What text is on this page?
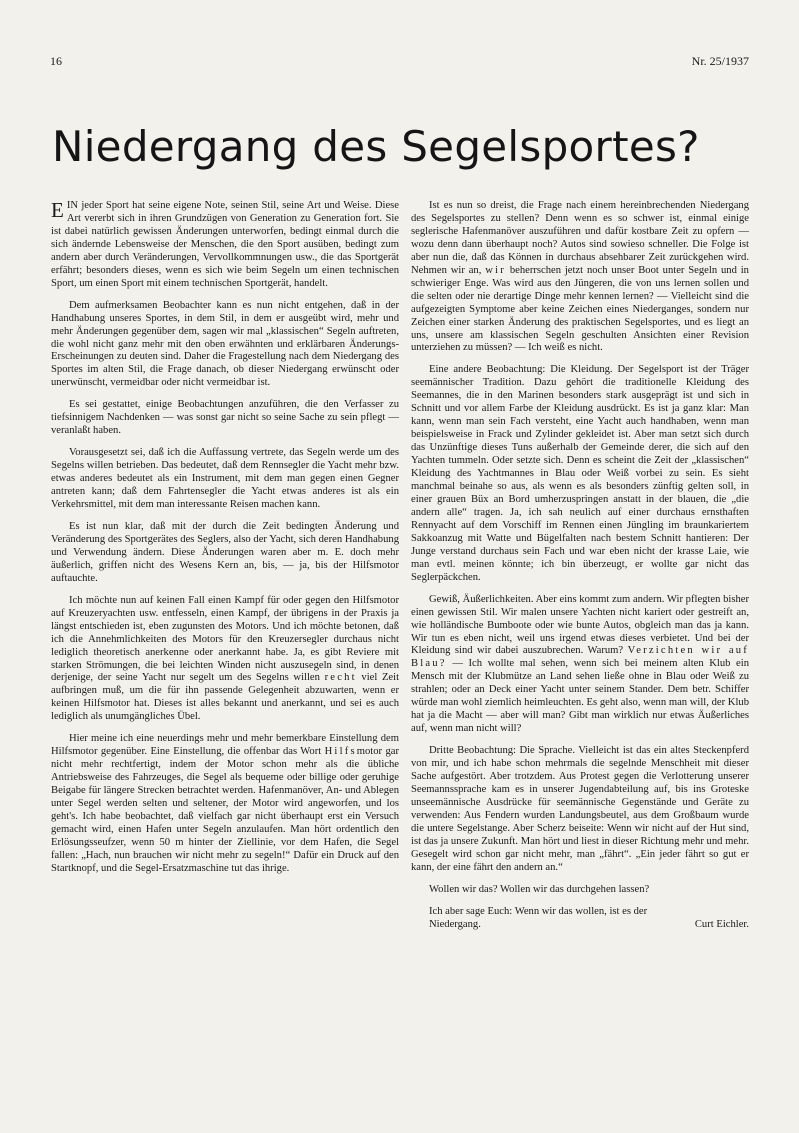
16	Nr. 25/1937
Niedergang des Segelsportes?

EIN jeder Sport hat seine eigene Note, seinen Stil, seine Art und Weise. Diese Art vererbt sich in ihren Grundzügen von Generation zu Generation fort. Sie ist dabei natürlich gewissen Änderungen unterworfen, bedingt einmal durch die sich ändernde Lebensweise der Menschen, die den Sport ausüben, bedingt zum andern aber durch Veränderungen, Vervollkommnungen usw., die das Sportgerät erfährt; besonders dieses, wenn es sich wie beim Segeln um einen technischen Sport, um einen Sport mit einem technischen Sportgerät, handelt.

Dem aufmerksamen Beobachter kann es nun nicht entgehen, daß in der Handhabung unseres Sportes, in dem Stil, in dem er ausgeübt wird, mehr und mehr Änderungen gegenüber dem, sagen wir mal „klassischen“ Segeln auftreten, die wohl nicht ganz mehr mit den oben erwähnten und erklärbaren Änderungs-Erscheinungen zu deuten sind. Daher die Fragestellung nach dem Niedergang des Sportes im alten Stil, die Frage danach, ob dieser Niedergang erwünscht oder unerwünscht, vermeidbar oder nicht vermeidbar ist.

Es sei gestattet, einige Beobachtungen anzuführen, die den Verfasser zu tiefsinnigem Nachdenken — was sonst gar nicht so seine Sache zu sein pflegt — veranlaßt haben.

Vorausgesetzt sei, daß ich die Auffassung vertrete, das Segeln werde um des Segelns willen betrieben. Das bedeutet, daß dem Rennsegler die Yacht mehr bzw. etwas anderes bedeutet als ein Instrument, mit dem man gegen einen Gegner antreten kann; daß dem Fahrtensegler die Yacht etwas anderes ist als ein Verkehrsmittel, mit dem man interessante Reisen machen kann.

Es ist nun klar, daß mit der durch die Zeit bedingten Änderung und Veränderung des Sportgerätes des Seglers, also der Yacht, sich deren Handhabung und Verwendung ändern. Diese Änderungen waren aber m. E. doch mehr äußerlich, griffen nicht des Wesens Kern an, bis, — ja, bis der Hilfsmotor auftauchte.

Ich möchte nun auf keinen Fall einen Kampf für oder gegen den Hilfsmotor auf Kreuzeryachten usw. entfesseln, einen Kampf, der übrigens in der Praxis ja längst entschieden ist, eben zugunsten des Motors. Und ich möchte betonen, daß ich die Annehmlichkeiten des Motors für den Kreuzersegler durchaus nicht lediglich theoretisch anerkenne oder anerkannt habe. Ja, es gibt Reviere mit starken Strömungen, die bei leichten Winden nicht auszusegeln sind, in denen derjenige, der seine Yacht nur segelt um des Segelns willen recht viel Zeit aufbringen muß, um die für ihn passende Gelegenheit abzuwarten, wenn er keinen Hilfsmotor hat. Dieses ist alles bekannt und anerkannt, und sei es auch lediglich als unumgängliches Übel.

Hier meine ich eine neuerdings mehr und mehr bemerkbare Einstellung dem Hilfsmotor gegenüber. Eine Einstellung, die offenbar das Wort Hilfsmotor gar nicht mehr rechtfertigt, indem der Motor schon mehr als die übliche Antriebsweise des Fahrzeuges, die Segel als bequeme oder billige oder geruhige Beigabe für längere Strecken betrachtet werden. Hafenmanöver, An- und Ablegen unter Segel werden selten und seltener, der Motor wird angeworfen, und los geht's. Ich habe beobachtet, daß vielfach gar nicht überhaupt erst ein Versuch gemacht wird, einen Hafen unter Segeln anzulaufen. Man hört ordentlich den Erlösungsseufzer, wenn 50 m hinter der Ziellinie, vor dem Hafen, die Segel fallen: „Hach, nun brauchen wir nicht mehr zu segeln!“ Dafür ein Druck auf den Startknopf, und die Segel-Ersatzmaschine tut das ihrige.

Ist es nun so dreist, die Frage nach einem hereinbrechenden Niedergang des Segelsportes zu stellen? Denn wenn es so schwer ist, einmal einige seglerische Hafenmanöver auszuführen und dafür kostbare Zeit zu opfern — wozu denn dann überhaupt noch? Autos sind sowieso schneller. Die Folge ist aber nun die, daß das Können in durchaus absehbarer Zeit zurückgehen wird. Nehmen wir an, wir beherrschen jetzt noch unser Boot unter Segeln und in schwieriger Enge. Was wird aus den Jüngeren, die von uns lernen sollen und die selten oder nie derartige Dinge mehr kennen lernen? — Vielleicht sind die aufgezeigten Symptome aber keine Zeichen eines Niederganges, sondern nur Zeichen einer starken Änderung des praktischen Segelsportes, und es liegt an uns, unsere am klassischen Segeln geschulten Ansichten einer Revision unterziehen zu müssen? — Ich weiß es nicht.

Eine andere Beobachtung: Die Kleidung. Der Segelsport ist der Träger seemännischer Tradition. Dazu gehört die traditionelle Kleidung des Seemannes, die in den Marinen besonders stark ausgeprägt ist und sich in Schnitt und vor allem Farbe der Kleidung ausdrückt. Es ist ja ganz klar: Man kann, wenn man sein Fach versteht, eine Yacht auch handhaben, wenn man beispielsweise in Frack und Zylinder gekleidet ist. Aber man setzt sich durch das Unzünftige dieses Tuns außerhalb der Gemeinde derer, die sich auf den Yachten tummeln. Oder setzte sich. Denn es scheint die Zeit der „klassischen“ Kleidung des Yachtmannes in Blau oder Weiß vorbei zu sein. Es sieht manchmal beinahe so aus, als wenn es als besonders zünftig gelten soll, in einer grauen Büx an Bord umherzuspringen anstatt in der blauen, die „die andern alle“ tragen. Ja, ich sah neulich auf einer durchaus ernsthaften Rennyacht auf dem Vorschiff im Rennen einen Jüngling im braunkariertem Sakkoanzug mit Watte und Bügelfalten nach bestem Schnitt hantieren: Der Junge verstand durchaus sein Fach und war eben nicht der krasse Laie, wie man evtl. meinen könnte; ich bin überzeugt, er wollte gar nicht das Seglerpäckchen.

Gewiß, Äußerlichkeiten. Aber eins kommt zum andern. Wir pflegten bisher einen gewissen Stil. Wir malen unsere Yachten nicht kariert oder gestreift an, wie holländische Bumboote oder wie bunte Autos, obgleich man das ja kann. Wir tun es eben nicht, weil uns irgend etwas dieses verbietet. Und bei der Kleidung sind wir dabei auszubrechen. Warum? Verzichten wir auf Blau? — Ich wollte mal sehen, wenn sich bei meinem alten Klub ein Mensch mit der Klubmütze an Land sehen ließe ohne in Blau oder Weiß zu strahlen; oder an Deck einer Yacht unter seinem Stander. Dem betr. Schiffer würde man wohl ziemlich heimleuchten. Es geht also, wenn man will, der Klub hat ja die Macht — aber will man? Gibt man wirklich nur etwas Äußerliches auf, wenn man nicht will?

Dritte Beobachtung: Die Sprache. Vielleicht ist das ein altes Steckenpferd von mir, und ich habe schon mehrmals die segelnde Menschheit mit dieser Sache aufgestört. Aber trotzdem. Aus Protest gegen die Verlotterung unserer Seemannssprache kam es in unserer Jugendabteilung auf, bis ins Groteske unseemännische Ausdrücke für seemännische Gegenstände und Geräte zu verwenden: Aus Fendern wurden Landungsbeutel, aus dem Großbaum wurde die untere Segelstange. Aber Scherz beiseite: Wenn wir nicht auf der Hut sind, ist das ja unsere Zukunft. Man hört und liest in dieser Richtung mehr und mehr. Gesegelt wird schon gar nicht mehr, man „fährt“. „Ein jeder fährt so gut er kann, der eine fährt den andern an.“

Wollen wir das? Wollen wir das durchgehen lassen?

Ich aber sage Euch: Wenn wir das wollen, ist es der

Niedergang.	Curt Eichler.
